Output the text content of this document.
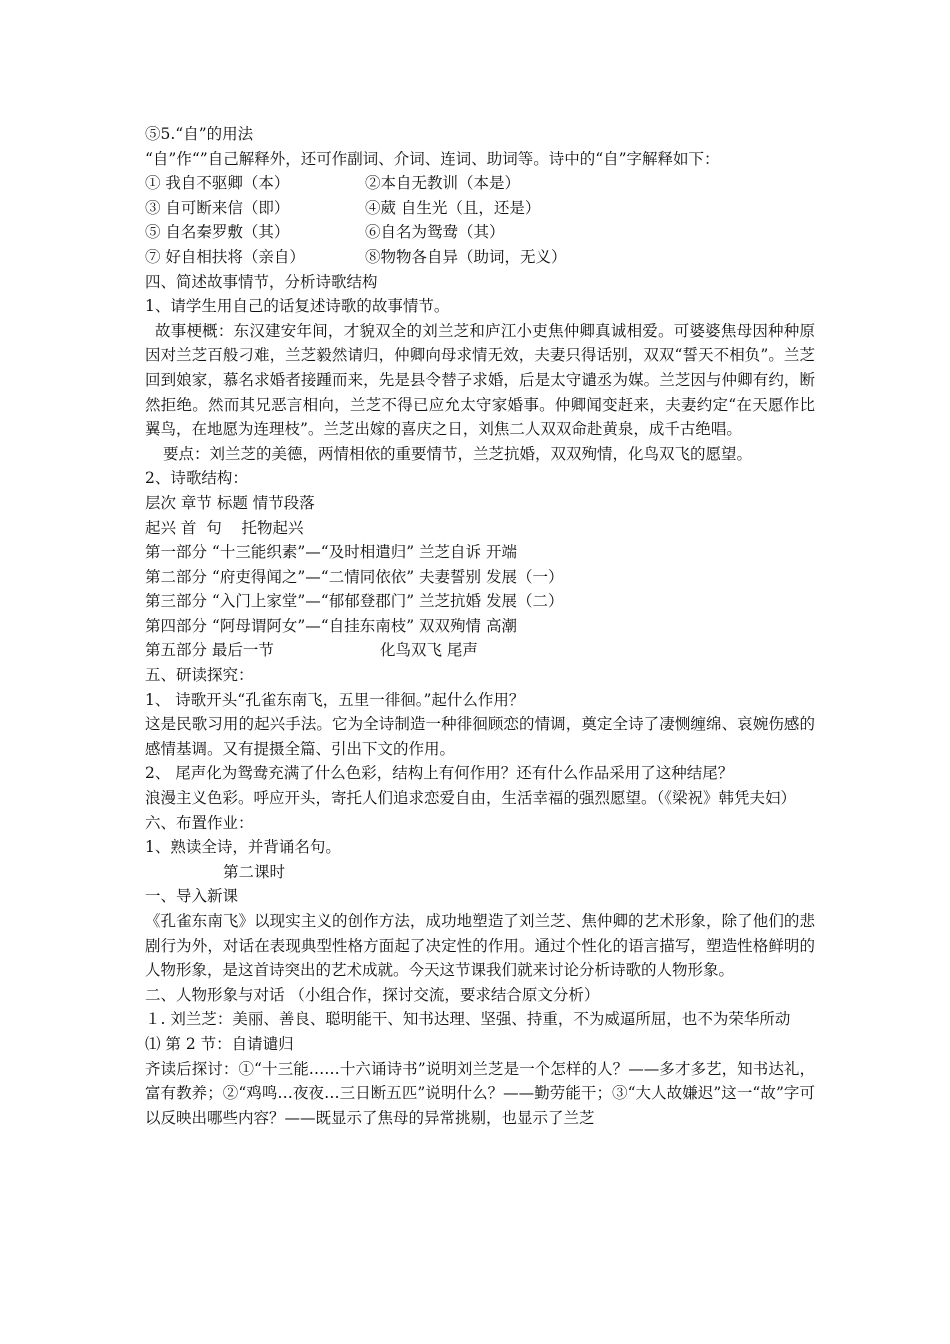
⑤5.“自”的用法
“自”作“”自己解释外，还可作副词、介词、连词、助词等。诗中的“自”字解释如下：
① 我自不驱卿（本）	②本自无教训（本是）
③ 自可断来信（即）	④葳 自生光（且，还是）
⑤ 自名秦罗敷（其）	⑥自名为鸳鸯（其）
⑦ 好自相扶将（亲自）	⑧物物各自异（助词，无义）
四、简述故事情节，分析诗歌结构
1、请学生用自己的话复述诗歌的故事情节。
故事梗概：东汉建安年间，才貌双全的刘兰芝和庐江小吏焦仲卿真诚相爱。可婆婆焦母因种种原因对兰芝百般刁难，兰芝毅然请归，仲卿向母求情无效，夫妻只得话别，双双“誓天不相负”。兰芝回到娘家，慕名求婚者接踵而来，先是县令替子求婚，后是太守谴丞为媒。兰芝因与仲卿有约，断然拒绝。然而其兄恶言相向，兰芝不得已应允太守家婚事。仲卿闻变赶来，夫妻约定“在天愿作比翼鸟，在地愿为连理枝”。兰芝出嫁的喜庆之日，刘焦二人双双命赴黄泉，成千古绝唱。
要点：刘兰芝的美德，两情相依的重要情节，兰芝抗婚，双双殉情，化鸟双飞的愿望。
2、诗歌结构：
层次 章节 标题 情节段落
起兴 首  句    托物起兴
第一部分 “十三能织素”—“及时相遣归” 兰芝自诉 开端
第二部分 “府吏得闻之”—“二情同依依” 夫妻誓别 发展（一）
第三部分 “入门上家堂”—“郁郁登郡门” 兰芝抗婚 发展（二）
第四部分 “阿母谓阿女”—“自挂东南枝” 双双殉情 高潮
第五部分 最后一节	化鸟双飞 尾声
五、研读探究：
1、 诗歌开头“孔雀东南飞，五里一徘徊。”起什么作用？
这是民歌习用的起兴手法。它为全诗制造一种徘徊顾恋的情调，奠定全诗了凄恻缠绵、哀婉伤感的感情基调。又有提摄全篇、引出下文的作用。
2、 尾声化为鸳鸯充满了什么色彩，结构上有何作用？还有什么作品采用了这种结尾？
浪漫主义色彩。呼应开头，寄托人们追求恋爱自由，生活幸福的强烈愿望。（《梁祝》韩凭夫妇）
六、布置作业：
1、熟读全诗，并背诵名句。
第二课时
一、导入新课
《孔雀东南飞》以现实主义的创作方法，成功地塑造了刘兰芝、焦仲卿的艺术形象，除了他们的悲剧行为外，对话在表现典型性格方面起了决定性的作用。通过个性化的语言描写，塑造性格鲜明的人物形象，是这首诗突出的艺术成就。今天这节课我们就来讨论分析诗歌的人物形象。
二、人物形象与对话 （小组合作，探讨交流，要求结合原文分析）
１. 刘兰芝：美丽、善良、聪明能干、知书达理、坚强、持重，不为威逼所屈，也不为荣华所动
⑴ 第 2 节：自请谴归
齐读后探讨：①“十三能……十六诵诗书”说明刘兰芝是一个怎样的人？——多才多艺，知书达礼，富有教养；②“鸡鸣…夜夜…三日断五匹”说明什么？——勤劳能干；③“大人故嫌迟”这一“故”字可以反映出哪些内容？——既显示了焦母的异常挑剔，也显示了兰芝
